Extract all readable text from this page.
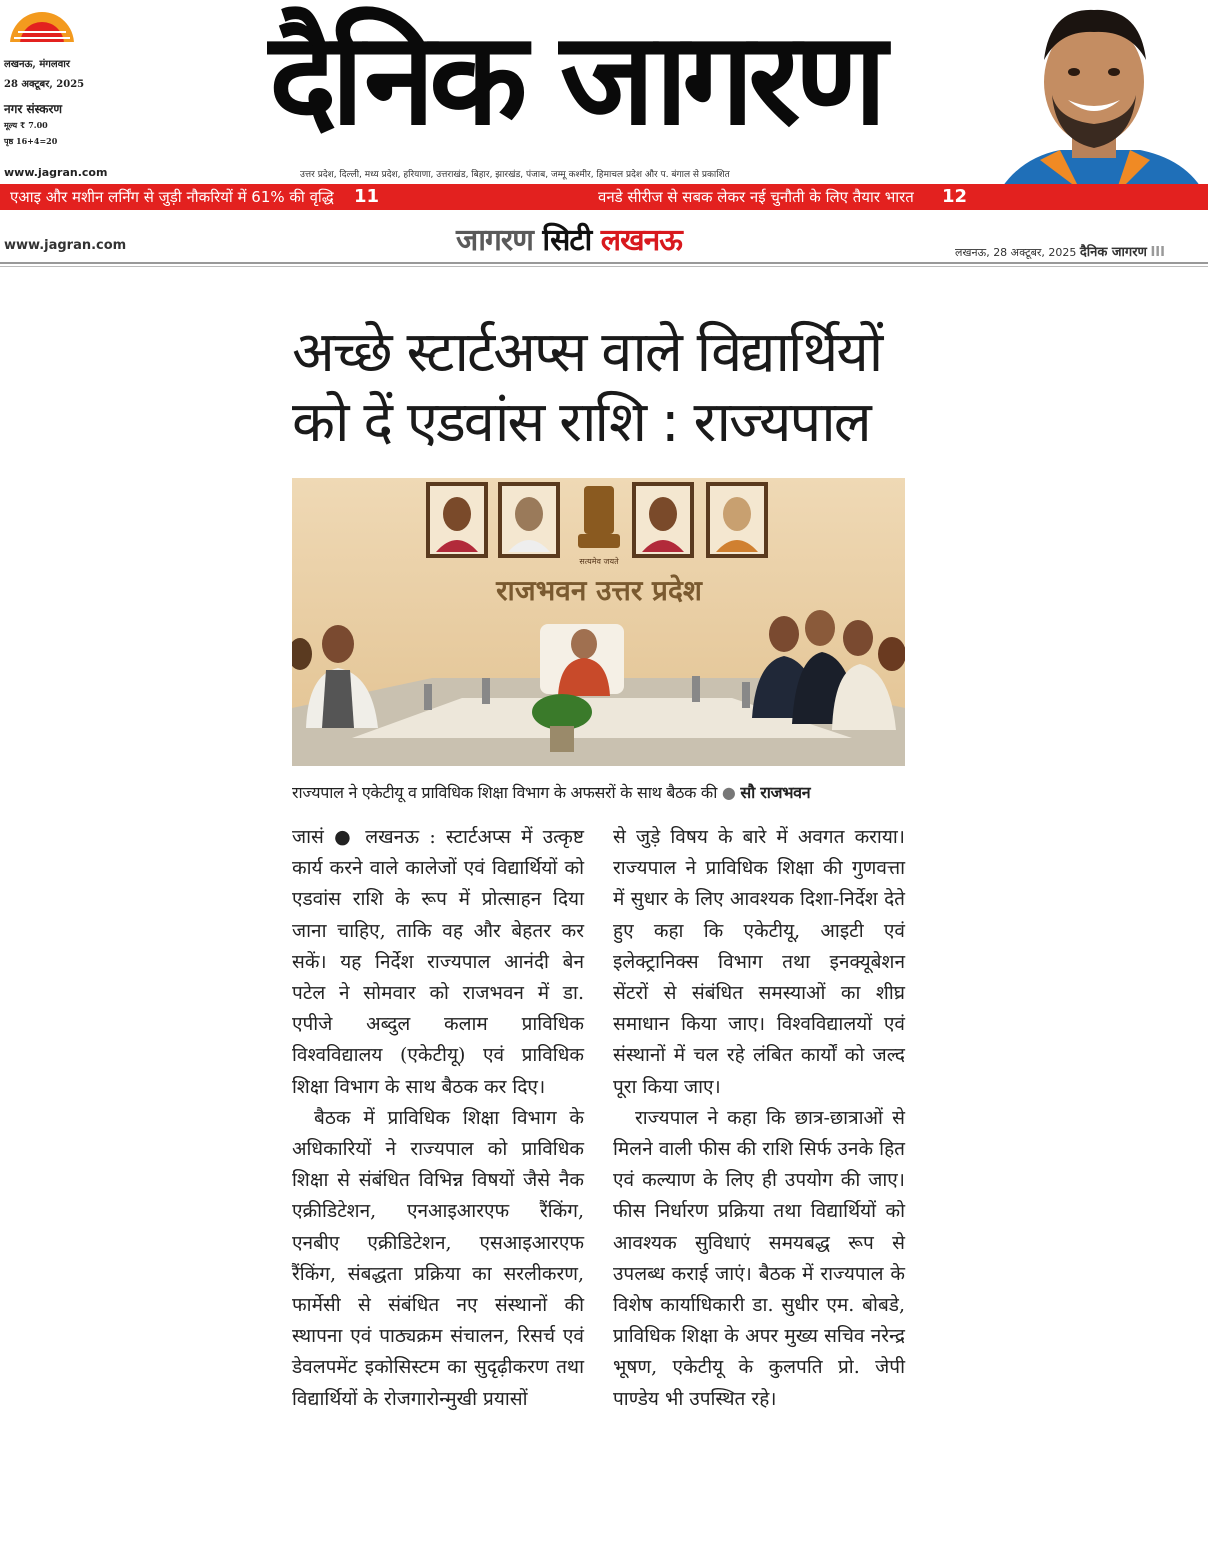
लखनऊ, मंगलवार
28 अक्टूबर, 2025
नगर संस्करण
मूल्य ₹ 7.00
पृष्ठ 16+4=20	दैनिक जागरण
www.jagran.com	उत्तर प्रदेश, दिल्ली, मध्य प्रदेश, हरियाणा, उत्तराखंड, बिहार, झारखंड, पंजाब, जम्मू कश्मीर, हिमाचल प्रदेश और प. बंगाल से प्रकाशित
एआइ और मशीन लर्निंग से जुड़ी नौकरियों में 61% की वृद्धि 11	वनडे सीरीज से सबक लेकर नई चुनौती के लिए तैयार भारत 12
www.jagran.com	जागरण सिटी लखनऊ	लखनऊ, 28 अक्टूबर, 2025 दैनिक जागरण III
अच्छे स्टार्टअप्स वाले विद्यार्थियों
को दें एडवांस राशि : राज्यपाल
सत्यमेव जयते
राजभवन उत्तर प्रदेश
राज्यपाल ने एकेटीयू व प्राविधिक शिक्षा विभाग के अफसरों के साथ बैठक की ● सौ राजभवन

जासं ● लखनऊ : स्टार्टअप्स में उत्कृष्ट कार्य करने वाले कालेजों एवं विद्यार्थियों को एडवांस राशि के रूप में प्रोत्साहन दिया जाना चाहिए, ताकि वह और बेहतर कर सकें। यह निर्देश राज्यपाल आनंदी बेन पटेल ने सोमवार को राजभवन में डा. एपीजे अब्दुल कलाम प्राविधिक विश्वविद्यालय (एकेटीयू) एवं प्राविधिक शिक्षा विभाग के साथ बैठक कर दिए।

बैठक में प्राविधिक शिक्षा विभाग के अधिकारियों ने राज्यपाल को प्राविधिक शिक्षा से संबंधित विभिन्न विषयों जैसे नैक एक्रीडिटेशन, एनआइआरएफ रैंकिंग, एनबीए एक्रीडिटेशन, एसआइआरएफ रैंकिंग, संबद्धता प्रक्रिया का सरलीकरण, फार्मेसी से संबंधित नए संस्थानों की स्थापना एवं पाठ्यक्रम संचालन, रिसर्च एवं डेवलपमेंट इकोसिस्टम का सुदृढ़ीकरण तथा विद्यार्थियों के रोजगारोन्मुखी प्रयासों

से जुड़े विषय के बारे में अवगत कराया। राज्यपाल ने प्राविधिक शिक्षा की गुणवत्ता में सुधार के लिए आवश्यक दिशा-निर्देश देते हुए कहा कि एकेटीयू, आइटी एवं इलेक्ट्रानिक्स विभाग तथा इनक्यूबेशन सेंटरों से संबंधित समस्याओं का शीघ्र समाधान किया जाए। विश्वविद्यालयों एवं संस्थानों में चल रहे लंबित कार्यों को जल्द पूरा किया जाए।

राज्यपाल ने कहा कि छात्र-छात्राओं से मिलने वाली फीस की राशि सिर्फ उनके हित एवं कल्याण के लिए ही उपयोग की जाए। फीस निर्धारण प्रक्रिया तथा विद्यार्थियों को आवश्यक सुविधाएं समयबद्ध रूप से उपलब्ध कराई जाएं। बैठक में राज्यपाल के विशेष कार्याधिकारी डा. सुधीर एम. बोबडे, प्राविधिक शिक्षा के अपर मुख्य सचिव नरेन्द्र भूषण, एकेटीयू के कुलपति प्रो. जेपी पाण्डेय भी उपस्थित रहे।
